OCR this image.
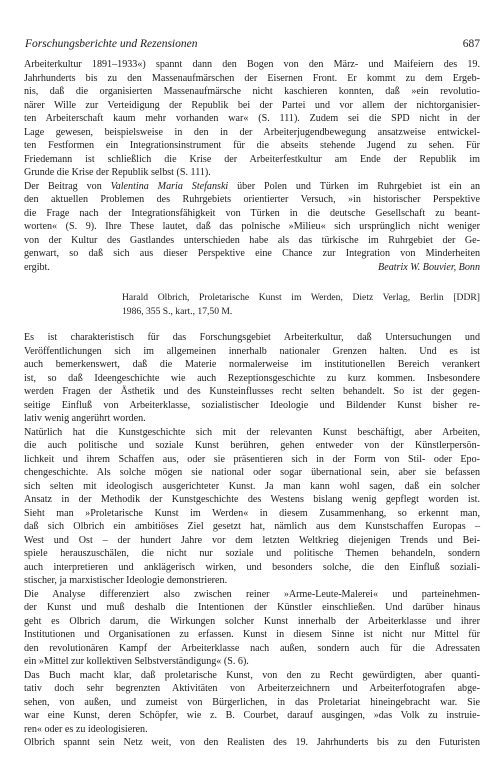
Forschungsberichte und Rezensionen	687
Arbeiterkultur 1891–1933«) spannt dann den Bogen von den März- und Maifeiern des 19.
Jahrhunderts bis zu den Massenaufmärschen der Eisernen Front. Er kommt zu dem Ergeb-
nis, daß die organisierten Massenaufmärsche nicht kaschieren konnten, daß »ein revolutio-
närer Wille zur Verteidigung der Republik bei der Partei und vor allem der nichtorganisier-
ten Arbeiterschaft kaum mehr vorhanden war« (S. 111). Zudem sei die SPD nicht in der
Lage gewesen, beispielsweise in den in der Arbeiterjugendbewegung ansatzweise entwickel-
ten Festformen ein Integrationsinstrument für die abseits stehende Jugend zu sehen. Für
Friedemann ist schließlich die Krise der Arbeiterfestkultur am Ende der Republik im
Grunde die Krise der Republik selbst (S. 111).
Der Beitrag von Valentina Maria Stefanski über Polen und Türken im Ruhrgebiet ist ein an
den aktuellen Problemen des Ruhrgebiets orientierter Versuch, »in historischer Perspektive
die Frage nach der Integrationsfähigkeit von Türken in die deutsche Gesellschaft zu beant-
worten« (S. 9). Ihre These lautet, daß das polnische »Milieu« sich ursprünglich nicht weniger
von der Kultur des Gastlandes unterschieden habe als das türkische im Ruhrgebiet der Ge-
genwart, so daß sich aus dieser Perspektive eine Chance zur Integration von Minderheiten
ergibt.	Beatrix W. Bouvier, Bonn
Harald Olbrich, Proletarische Kunst im Werden, Dietz Verlag, Berlin [DDR]
1986, 355 S., kart., 17,50 M.
Es ist charakteristisch für das Forschungsgebiet Arbeiterkultur, daß Untersuchungen und
Veröffentlichungen sich im allgemeinen innerhalb nationaler Grenzen halten. Und es ist
auch bemerkenswert, daß die Materie normalerweise im institutionellen Bereich verankert
ist, so daß Ideengeschichte wie auch Rezeptionsgeschichte zu kurz kommen. Insbesondere
werden Fragen der Ästhetik und des Kunsteinflusses recht selten behandelt. So ist der gegen-
seitige Einfluß von Arbeiterklasse, sozialistischer Ideologie und Bildender Kunst bisher re-
lativ wenig angerührt worden.
Natürlich hat die Kunstgeschichte sich mit der relevanten Kunst beschäftigt, aber Arbeiten,
die auch politische und soziale Kunst berühren, gehen entweder von der Künstlerpersön-
lichkeit und ihrem Schaffen aus, oder sie präsentieren sich in der Form von Stil- oder Epo-
chengeschichte. Als solche mögen sie national oder sogar übernational sein, aber sie befassen
sich selten mit ideologisch ausgerichteter Kunst. Ja man kann wohl sagen, daß ein solcher
Ansatz in der Methodik der Kunstgeschichte des Westens bislang wenig gepflegt worden ist.
Sieht man »Proletarische Kunst im Werden« in diesem Zusammenhang, so erkennt man,
daß sich Olbrich ein ambitiöses Ziel gesetzt hat, nämlich aus dem Kunstschaffen Europas –
West und Ost – der hundert Jahre vor dem letzten Weltkrieg diejenigen Trends und Bei-
spiele herauszuschälen, die nicht nur soziale und politische Themen behandeln, sondern
auch interpretieren und anklägerisch wirken, und besonders solche, die den Einfluß soziali-
stischer, ja marxistischer Ideologie demonstrieren.
Die Analyse differenziert also zwischen reiner »Arme-Leute-Malerei« und parteinehmen-
der Kunst und muß deshalb die Intentionen der Künstler einschließen. Und darüber hinaus
geht es Olbrich darum, die Wirkungen solcher Kunst innerhalb der Arbeiterklasse und ihrer
Institutionen und Organisationen zu erfassen. Kunst in diesem Sinne ist nicht nur Mittel für
den revolutionären Kampf der Arbeiterklasse nach außen, sondern auch für die Adressaten
ein »Mittel zur kollektiven Selbstverständigung« (S. 6).
Das Buch macht klar, daß proletarische Kunst, von den zu Recht gewürdigten, aber quanti-
tativ doch sehr begrenzten Aktivitäten von Arbeiterzeichnern und Arbeiterfotografen abge-
sehen, von außen, und zumeist von Bürgerlichen, in das Proletariat hineingebracht war. Sie
war eine Kunst, deren Schöpfer, wie z. B. Courbet, darauf ausgingen, »das Volk zu instruie-
ren« oder es zu ideologisieren.
Olbrich spannt sein Netz weit, von den Realisten des 19. Jahrhunderts bis zu den Futuristen
